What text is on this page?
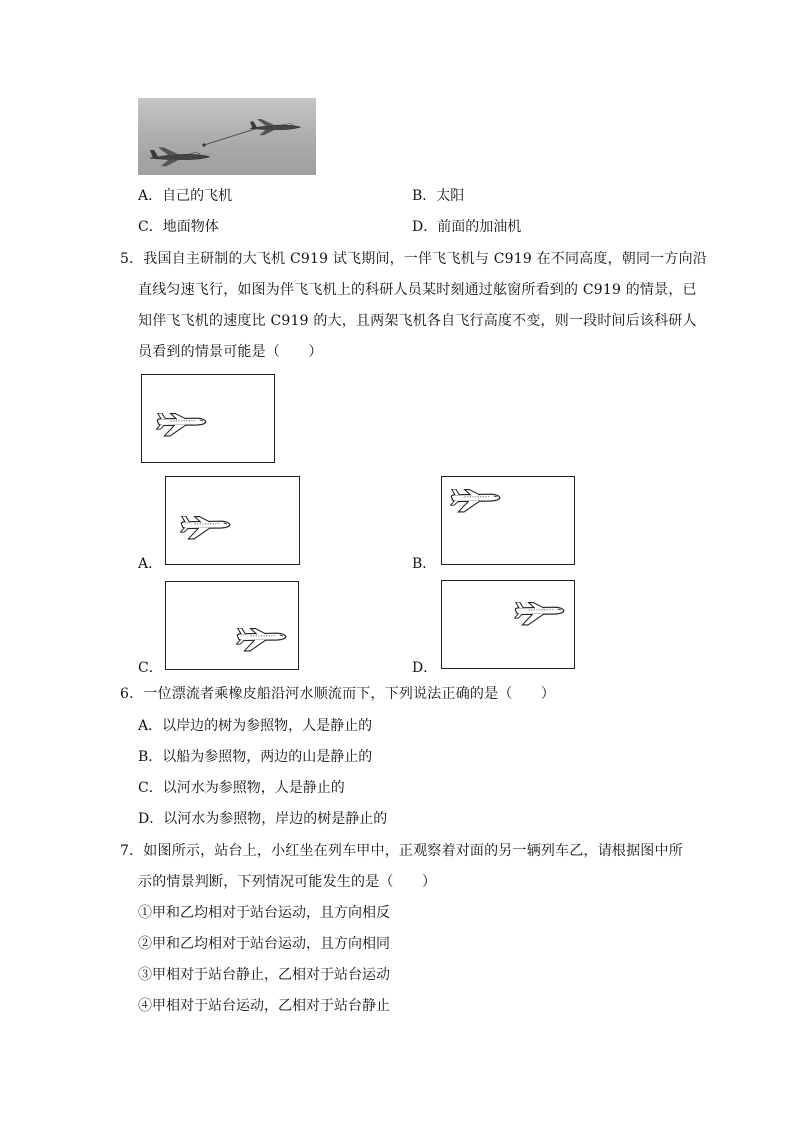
A．自己的飞机	B．太阳
C．地面物体	D．前面的加油机
5．我国自主研制的大飞机 C919 试飞期间，一伴飞飞机与 C919 在不同高度，朝同一方向沿
直线匀速飞行，如图为伴飞飞机上的科研人员某时刻通过舷窗所看到的 C919 的情景，已
知伴飞飞机的速度比 C919 的大，且两架飞机各自飞行高度不变，则一段时间后该科研人
员看到的情景可能是（　　）
A．	B．
C．	D．
6．一位漂流者乘橡皮船沿河水顺流而下，下列说法正确的是（　　）
A．以岸边的树为参照物，人是静止的
B．以船为参照物，两边的山是静止的
C．以河水为参照物，人是静止的
D．以河水为参照物，岸边的树是静止的
7．如图所示，站台上，小红坐在列车甲中，正观察着对面的另一辆列车乙，请根据图中所
示的情景判断，下列情况可能发生的是（　　）
①甲和乙均相对于站台运动，且方向相反
②甲和乙均相对于站台运动，且方向相同
③甲相对于站台静止，乙相对于站台运动
④甲相对于站台运动，乙相对于站台静止
